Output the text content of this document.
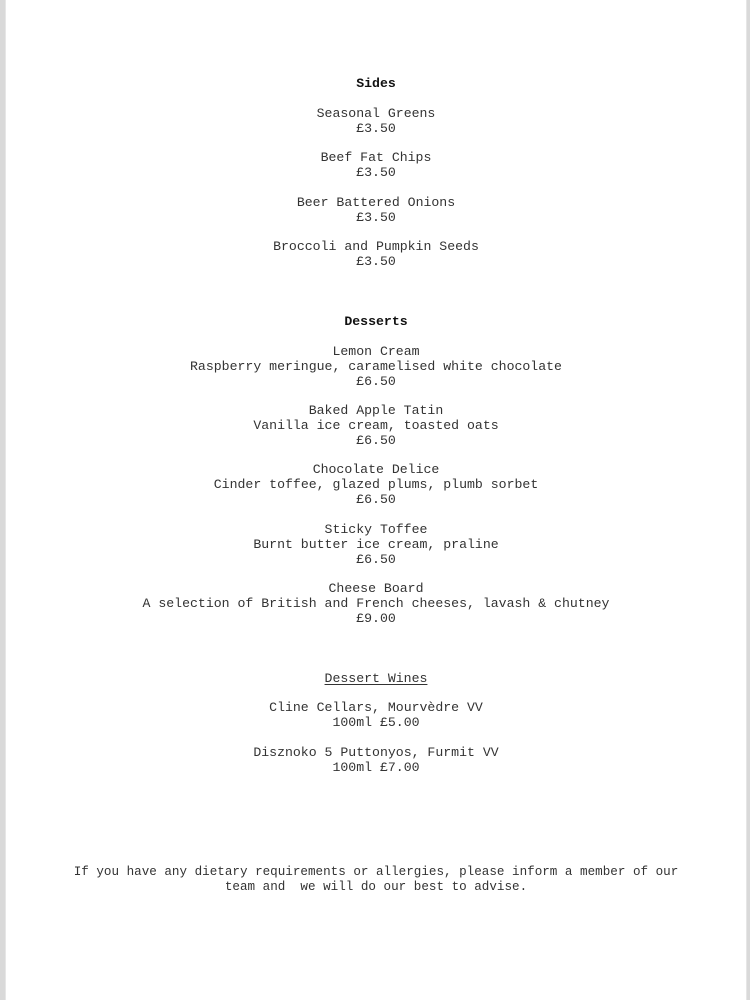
Sides
Seasonal Greens
£3.50
Beef Fat Chips
£3.50
Beer Battered Onions
£3.50
Broccoli and Pumpkin Seeds
£3.50
Desserts
Lemon Cream
Raspberry meringue, caramelised white chocolate
£6.50
Baked Apple Tatin
Vanilla ice cream, toasted oats
£6.50
Chocolate Delice
Cinder toffee, glazed plums, plumb sorbet
£6.50
Sticky Toffee
Burnt butter ice cream, praline
£6.50
Cheese Board
A selection of British and French cheeses, lavash & chutney
£9.00
Dessert Wines
Cline Cellars, Mourvèdre VV
100ml £5.00
Disznoko 5 Puttonyos, Furmit VV
100ml £7.00
If you have any dietary requirements or allergies, please inform a member of our
team and  we will do our best to advise.
